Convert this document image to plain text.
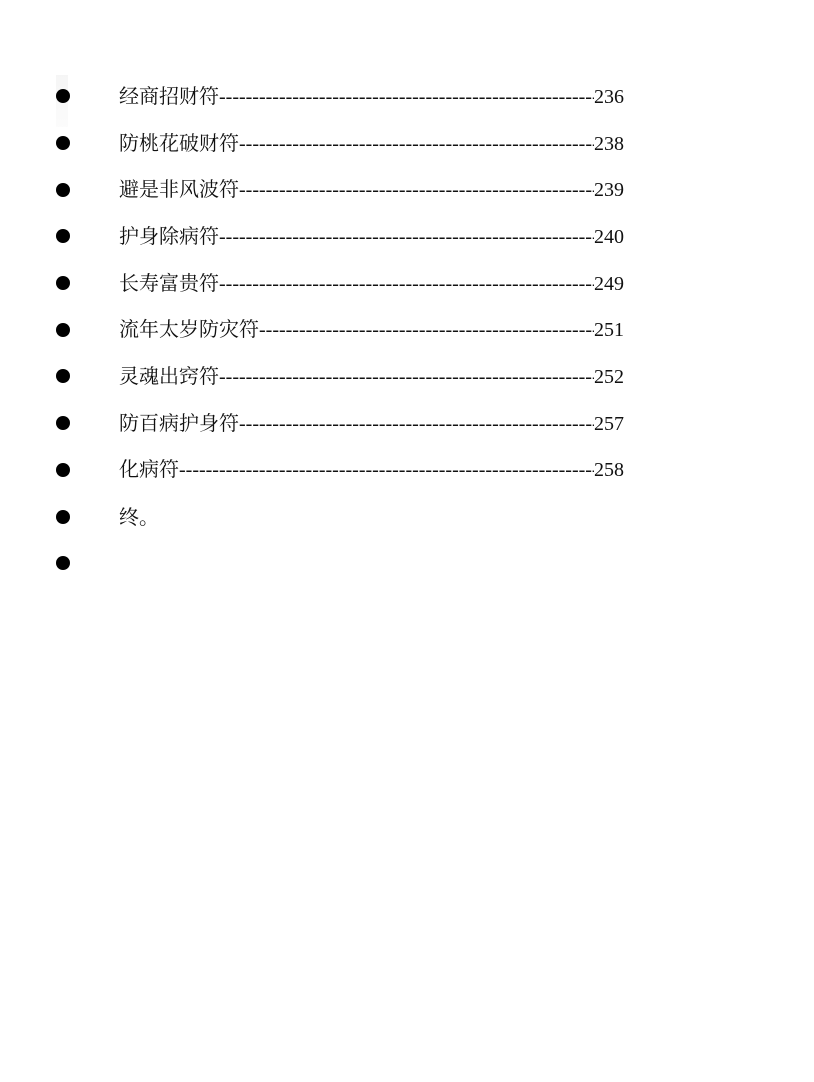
经商招财符 -----	236
防桃花破财符 -----	238
避是非风波符 -----	239
护身除病符 -----	240
长寿富贵符 -----	249
流年太岁防灾符 -----	251
灵魂出窍符 -----	252
防百病护身符 -----	257
化病符 -----	258
终。
